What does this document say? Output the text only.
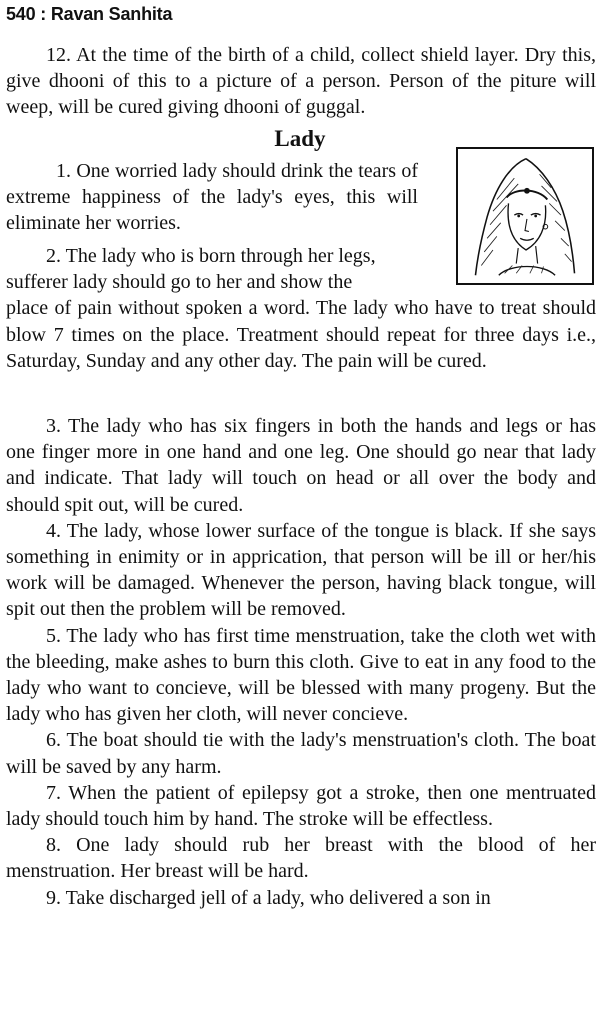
540 : Ravan Sanhita

12. At the time of the birth of a child, collect shield layer. Dry this, give dhooni of this to a picture of a person. Person of the piture will weep, will be cured giving dhooni of guggal.

Lady

1. One worried lady should drink the tears of extreme happiness of the lady's eyes, this will eliminate her worries.

2. The lady who is born through her legs,
sufferer lady should go to her and show the
place of pain without spoken a word. The lady who have to treat should blow 7 times on the place. Treatment should repeat for three days i.e., Saturday, Sunday and any other day. The pain will be cured.

3. The lady who has six fingers in both the hands and legs or has one finger more in one hand and one leg. One should go near that lady and indicate. That lady will touch on head or all over the body and should spit out, will be cured.

4. The lady, whose lower surface of the tongue is black. If she says something in enimity or in apprication, that person will be ill or her/his work will be damaged. Whenever the person, having black tongue, will spit out then the problem will be removed.

5. The lady who has first time menstruation, take the cloth wet with the bleeding, make ashes to burn this cloth. Give to eat in any food to the lady who want to concieve, will be blessed with many progeny. But the lady who has given her cloth, will never concieve.

6. The boat should tie with the lady's menstruation's cloth. The boat will be saved by any harm.

7. When the patient of epilepsy got a stroke, then one mentruated lady should touch him by hand. The stroke will be effectless.

8. One lady should rub her breast with the blood of her menstruation. Her breast will be hard.

9. Take discharged jell of a lady, who delivered a son in
